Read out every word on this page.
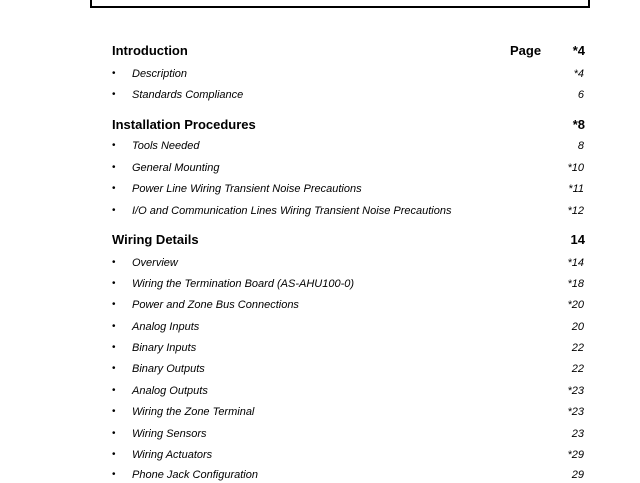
Introduction	Page	*4
•	Description	*4
•	Standards Compliance	6
Installation Procedures	*8
•	Tools Needed	8
•	General Mounting	*10
•	Power Line Wiring Transient Noise Precautions	*11
•	I/O and Communication Lines Wiring Transient Noise Precautions	*12
Wiring Details	14
•	Overview	*14
•	Wiring the Termination Board (AS-AHU100-0)	*18
•	Power and Zone Bus Connections	*20
•	Analog Inputs	20
•	Binary Inputs	22
•	Binary Outputs	22
•	Analog Outputs	*23
•	Wiring the Zone Terminal	*23
•	Wiring Sensors	23
•	Wiring Actuators	*29
•	Phone Jack Configuration	29
